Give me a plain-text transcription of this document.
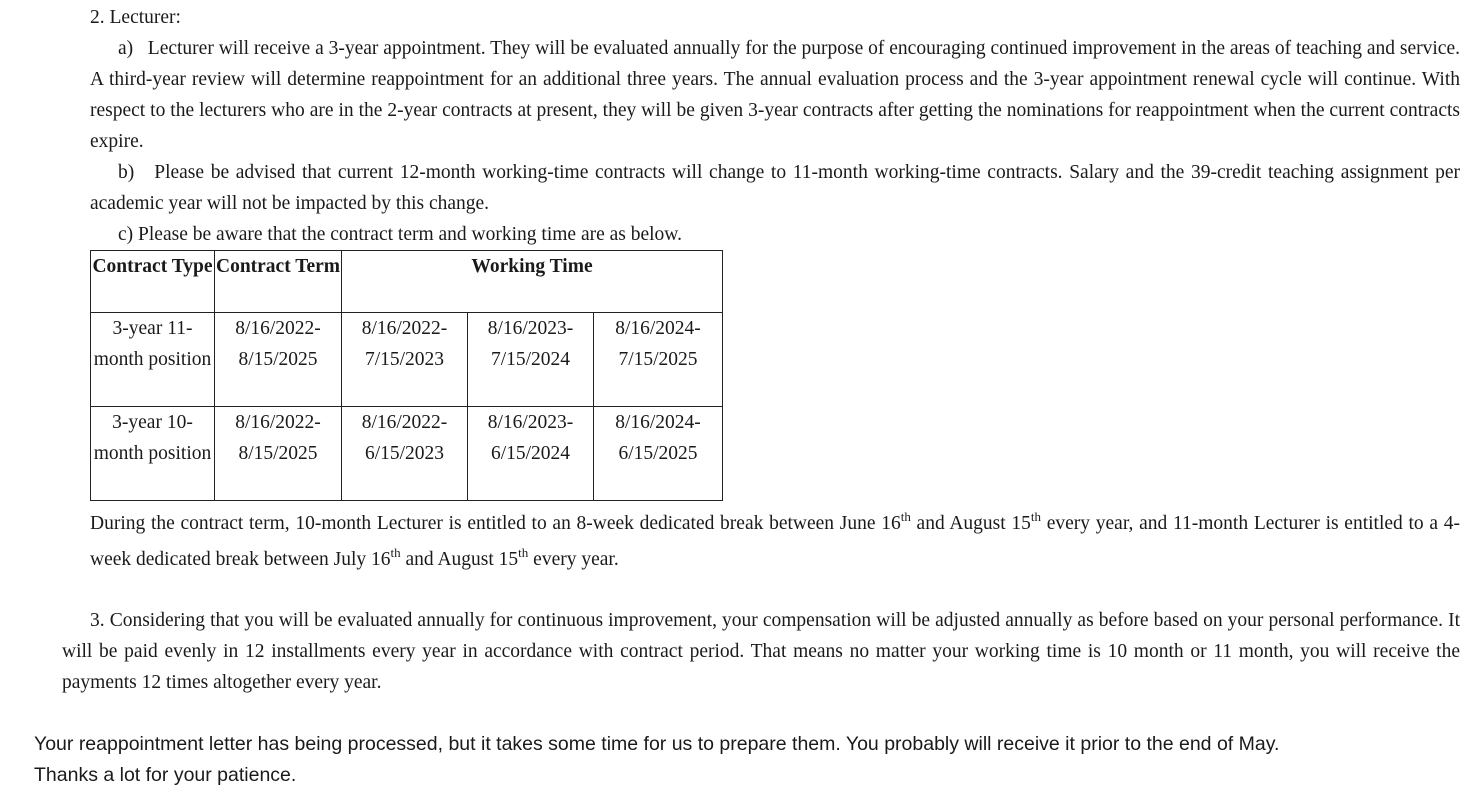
2. Lecturer:

a) Lecturer will receive a 3-year appointment. They will be evaluated annually for the purpose of encouraging continued improvement in the areas of teaching and service. A third-year review will determine reappointment for an additional three years. The annual evaluation process and the 3-year appointment renewal cycle will continue. With respect to the lecturers who are in the 2-year contracts at present, they will be given 3-year contracts after getting the nominations for reappointment when the current contracts expire.

b) Please be advised that current 12-month working-time contracts will change to 11-month working-time contracts. Salary and the 39-credit teaching assignment per academic year will not be impacted by this change.

c) Please be aware that the contract term and working time are as below.

Contract Type	Contract Term	Working Time		
3-year 11-month position	8/16/2022-8/15/2025	8/16/2022-7/15/2023	8/16/2023-7/15/2024	8/16/2024-7/15/2025
3-year 10-month position	8/16/2022-8/15/2025	8/16/2022-6/15/2023	8/16/2023-6/15/2024	8/16/2024-6/15/2025

During the contract term, 10-month Lecturer is entitled to an 8-week dedicated break between June 16th and August 15th every year, and 11-month Lecturer is entitled to a 4-week dedicated break between July 16th and August 15th every year.

3. Considering that you will be evaluated annually for continuous improvement, your compensation will be adjusted annually as before based on your personal performance. It will be paid evenly in 12 installments every year in accordance with contract period. That means no matter your working time is 10 month or 11 month, you will receive the payments 12 times altogether every year.

Your reappointment letter has being processed, but it takes some time for us to prepare them. You probably will receive it prior to the end of May.

Thanks a lot for your patience.
